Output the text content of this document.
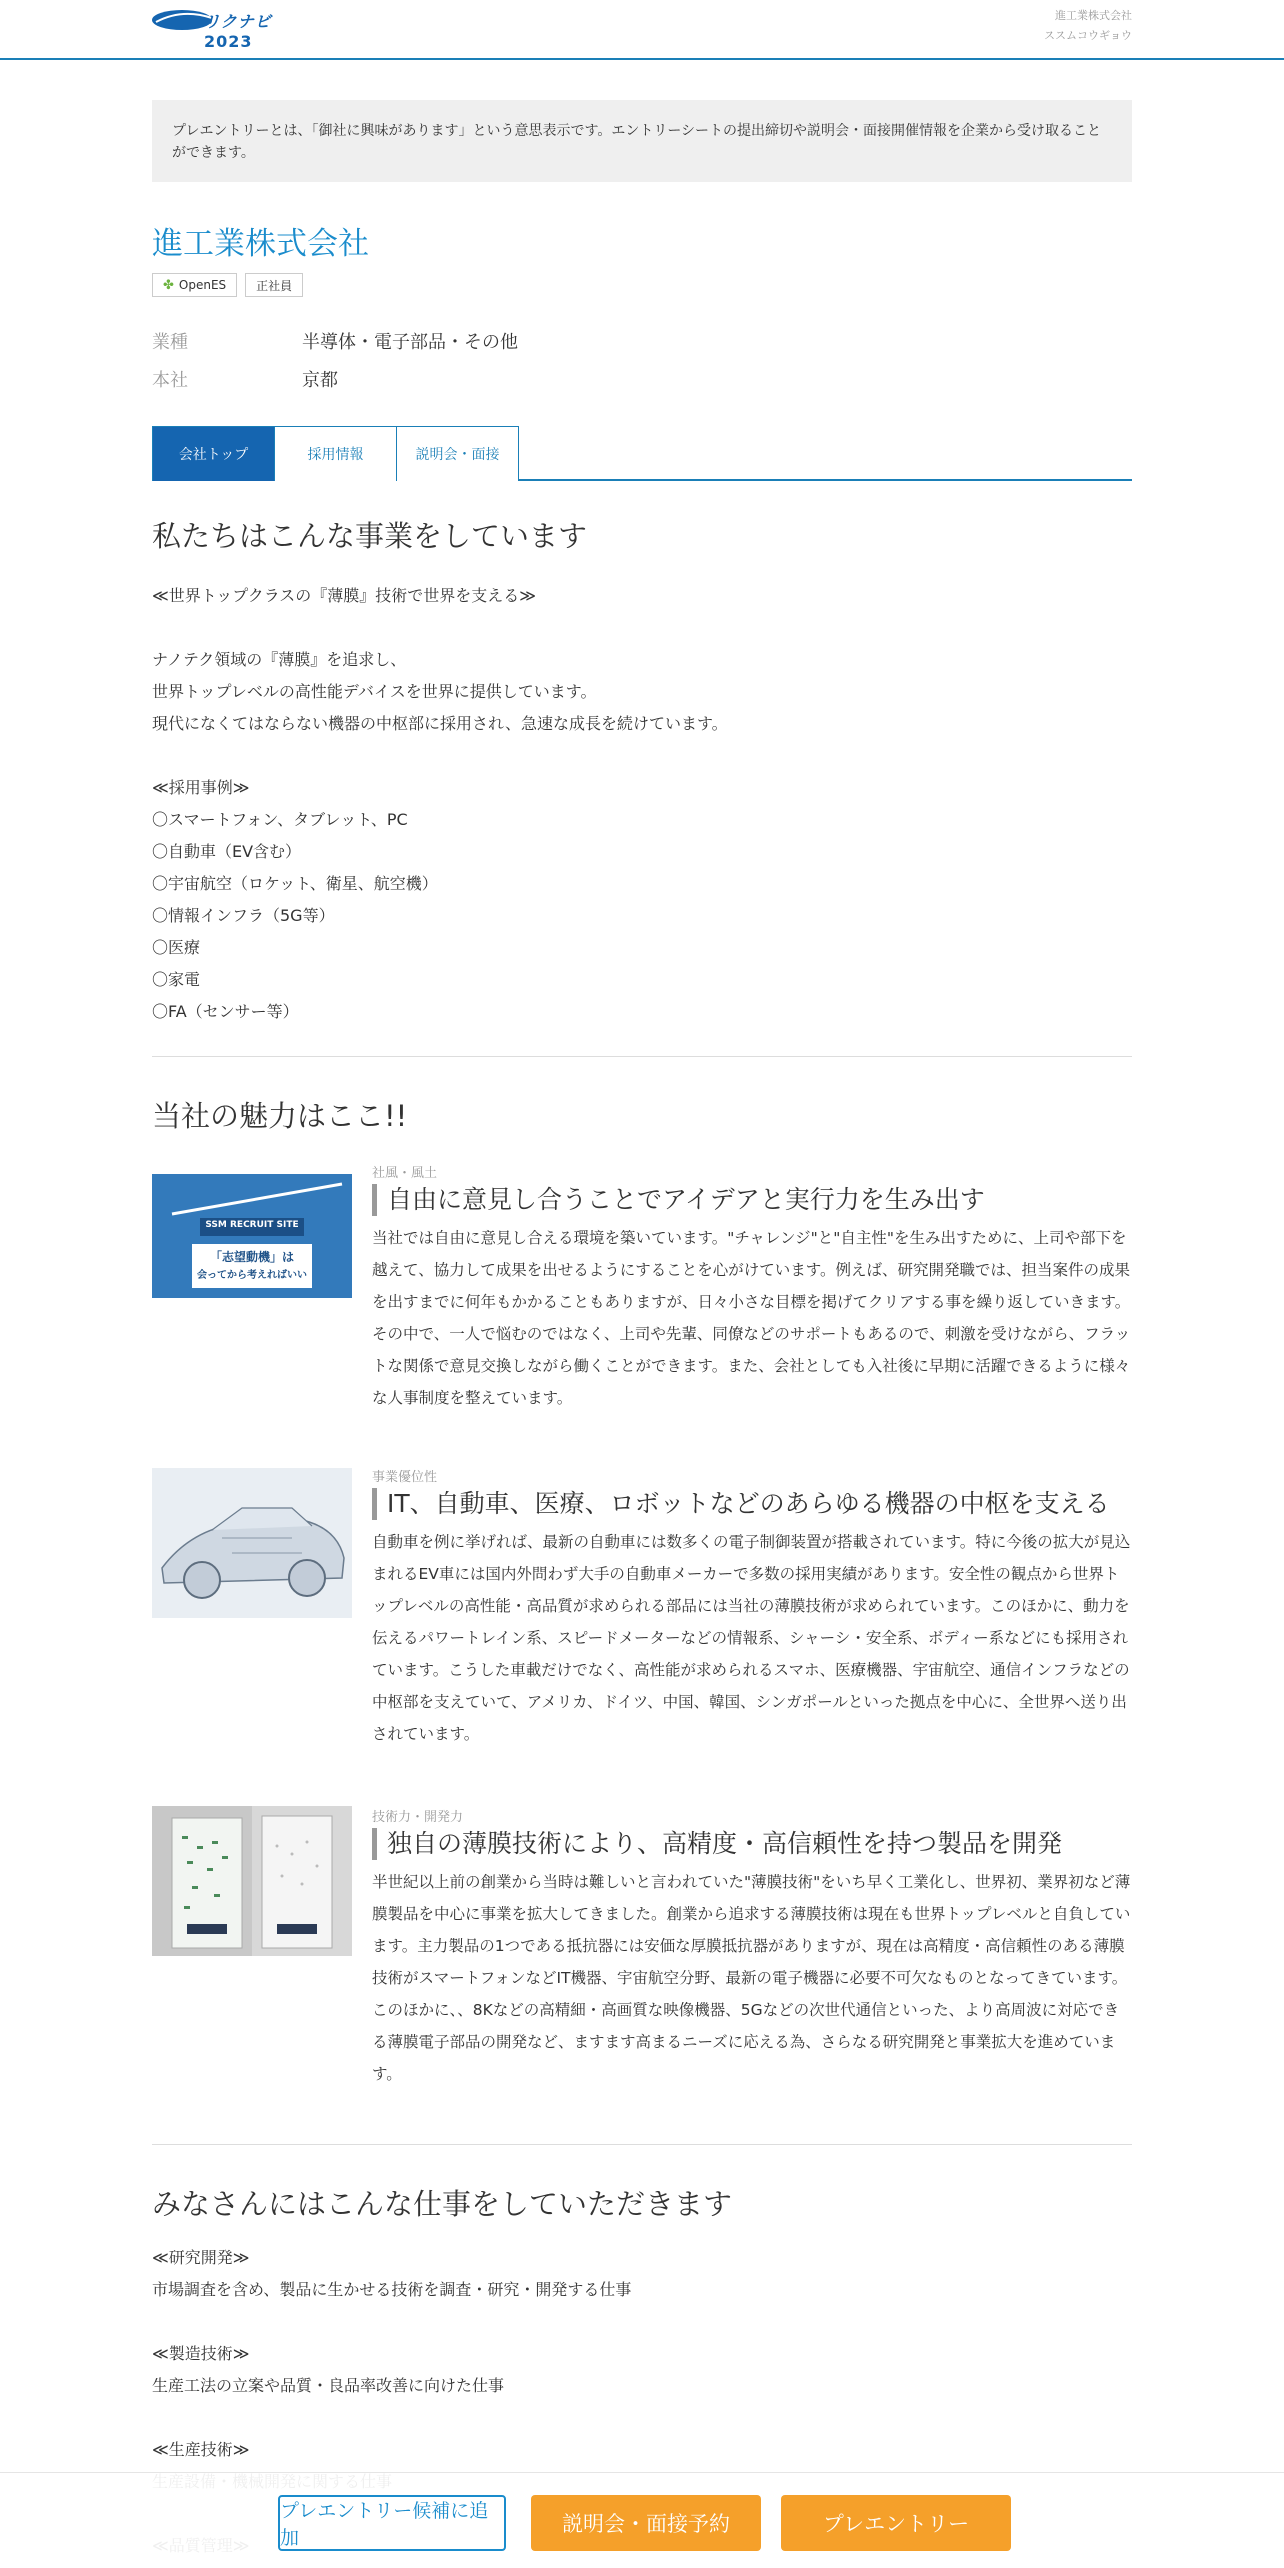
リクナビ 2023
進工業株式会社
ススムコウギョウ
プレエントリーとは、「御社に興味があります」という意思表示です。エントリーシートの提出締切や説明会・面接開催情報を企業から受け取ることができます。
進工業株式会社
✤ OpenES	正社員
業種	半導体・電子部品・その他
本社	京都
会社トップ	採用情報	説明会・面接
私たちはこんな事業をしています
≪世界トップクラスの『薄膜』技術で世界を支える≫

ナノテク領域の『薄膜』を追求し、
世界トップレベルの高性能デバイスを世界に提供しています。
現代になくてはならない機器の中枢部に採用され、急速な成長を続けています。

≪採用事例≫
〇スマートフォン、タブレット、PC
〇自動車（EV含む）
〇宇宙航空（ロケット、衛星、航空機）
〇情報インフラ（5G等）
〇医療
〇家電
〇FA（センサー等）
当社の魅力はここ!!
SSM RECRUIT SITE
「志望動機」は
会ってから考えればいい
社風・風土
自由に意見し合うことでアイデアと実行力を生み出す
当社では自由に意見し合える環境を築いています。"チャレンジ"と"自主性"を生み出すために、上司や部下を越えて、協力して成果を出せるようにすることを心がけています。例えば、研究開発職では、担当案件の成果を出すまでに何年もかかることもありますが、日々小さな目標を掲げてクリアする事を繰り返していきます。その中で、一人で悩むのではなく、上司や先輩、同僚などのサポートもあるので、刺激を受けながら、フラットな関係で意見交換しながら働くことができます。また、会社としても入社後に早期に活躍できるように様々な人事制度を整えています。
事業優位性
IT、自動車、医療、ロボットなどのあらゆる機器の中枢を支える
自動車を例に挙げれば、最新の自動車には数多くの電子制御装置が搭載されています。特に今後の拡大が見込まれるEV車には国内外問わず大手の自動車メーカーで多数の採用実績があります。安全性の観点から世界トップレベルの高性能・高品質が求められる部品には当社の薄膜技術が求められています。このほかに、動力を伝えるパワートレイン系、スピードメーターなどの情報系、シャーシ・安全系、ボディー系などにも採用されています。こうした車載だけでなく、高性能が求められるスマホ、医療機器、宇宙航空、通信インフラなどの中枢部を支えていて、アメリカ、ドイツ、中国、韓国、シンガポールといった拠点を中心に、全世界へ送り出されています。
技術力・開発力
独自の薄膜技術により、高精度・高信頼性を持つ製品を開発
半世紀以上前の創業から当時は難しいと言われていた"薄膜技術"をいち早く工業化し、世界初、業界初など薄膜製品を中心に事業を拡大してきました。創業から追求する薄膜技術は現在も世界トップレベルと自負しています。主力製品の1つである抵抗器には安価な厚膜抵抗器がありますが、現在は高精度・高信頼性のある薄膜技術がスマートフォンなどIT機器、宇宙航空分野、最新の電子機器に必要不可欠なものとなってきています。このほかに、、8Kなどの高精細・高画質な映像機器、5Gなどの次世代通信といった、より高周波に対応できる薄膜電子部品の開発など、ますます高まるニーズに応える為、さらなる研究開発と事業拡大を進めています。
みなさんにはこんな仕事をしていただきます
≪研究開発≫
市場調査を含め、製品に生かせる技術を調査・研究・開発する仕事

≪製造技術≫
生産工法の立案や品質・良品率改善に向けた仕事

≪生産技術≫

プレエントリー候補に追加
説明会・面接予約	プレエントリー
